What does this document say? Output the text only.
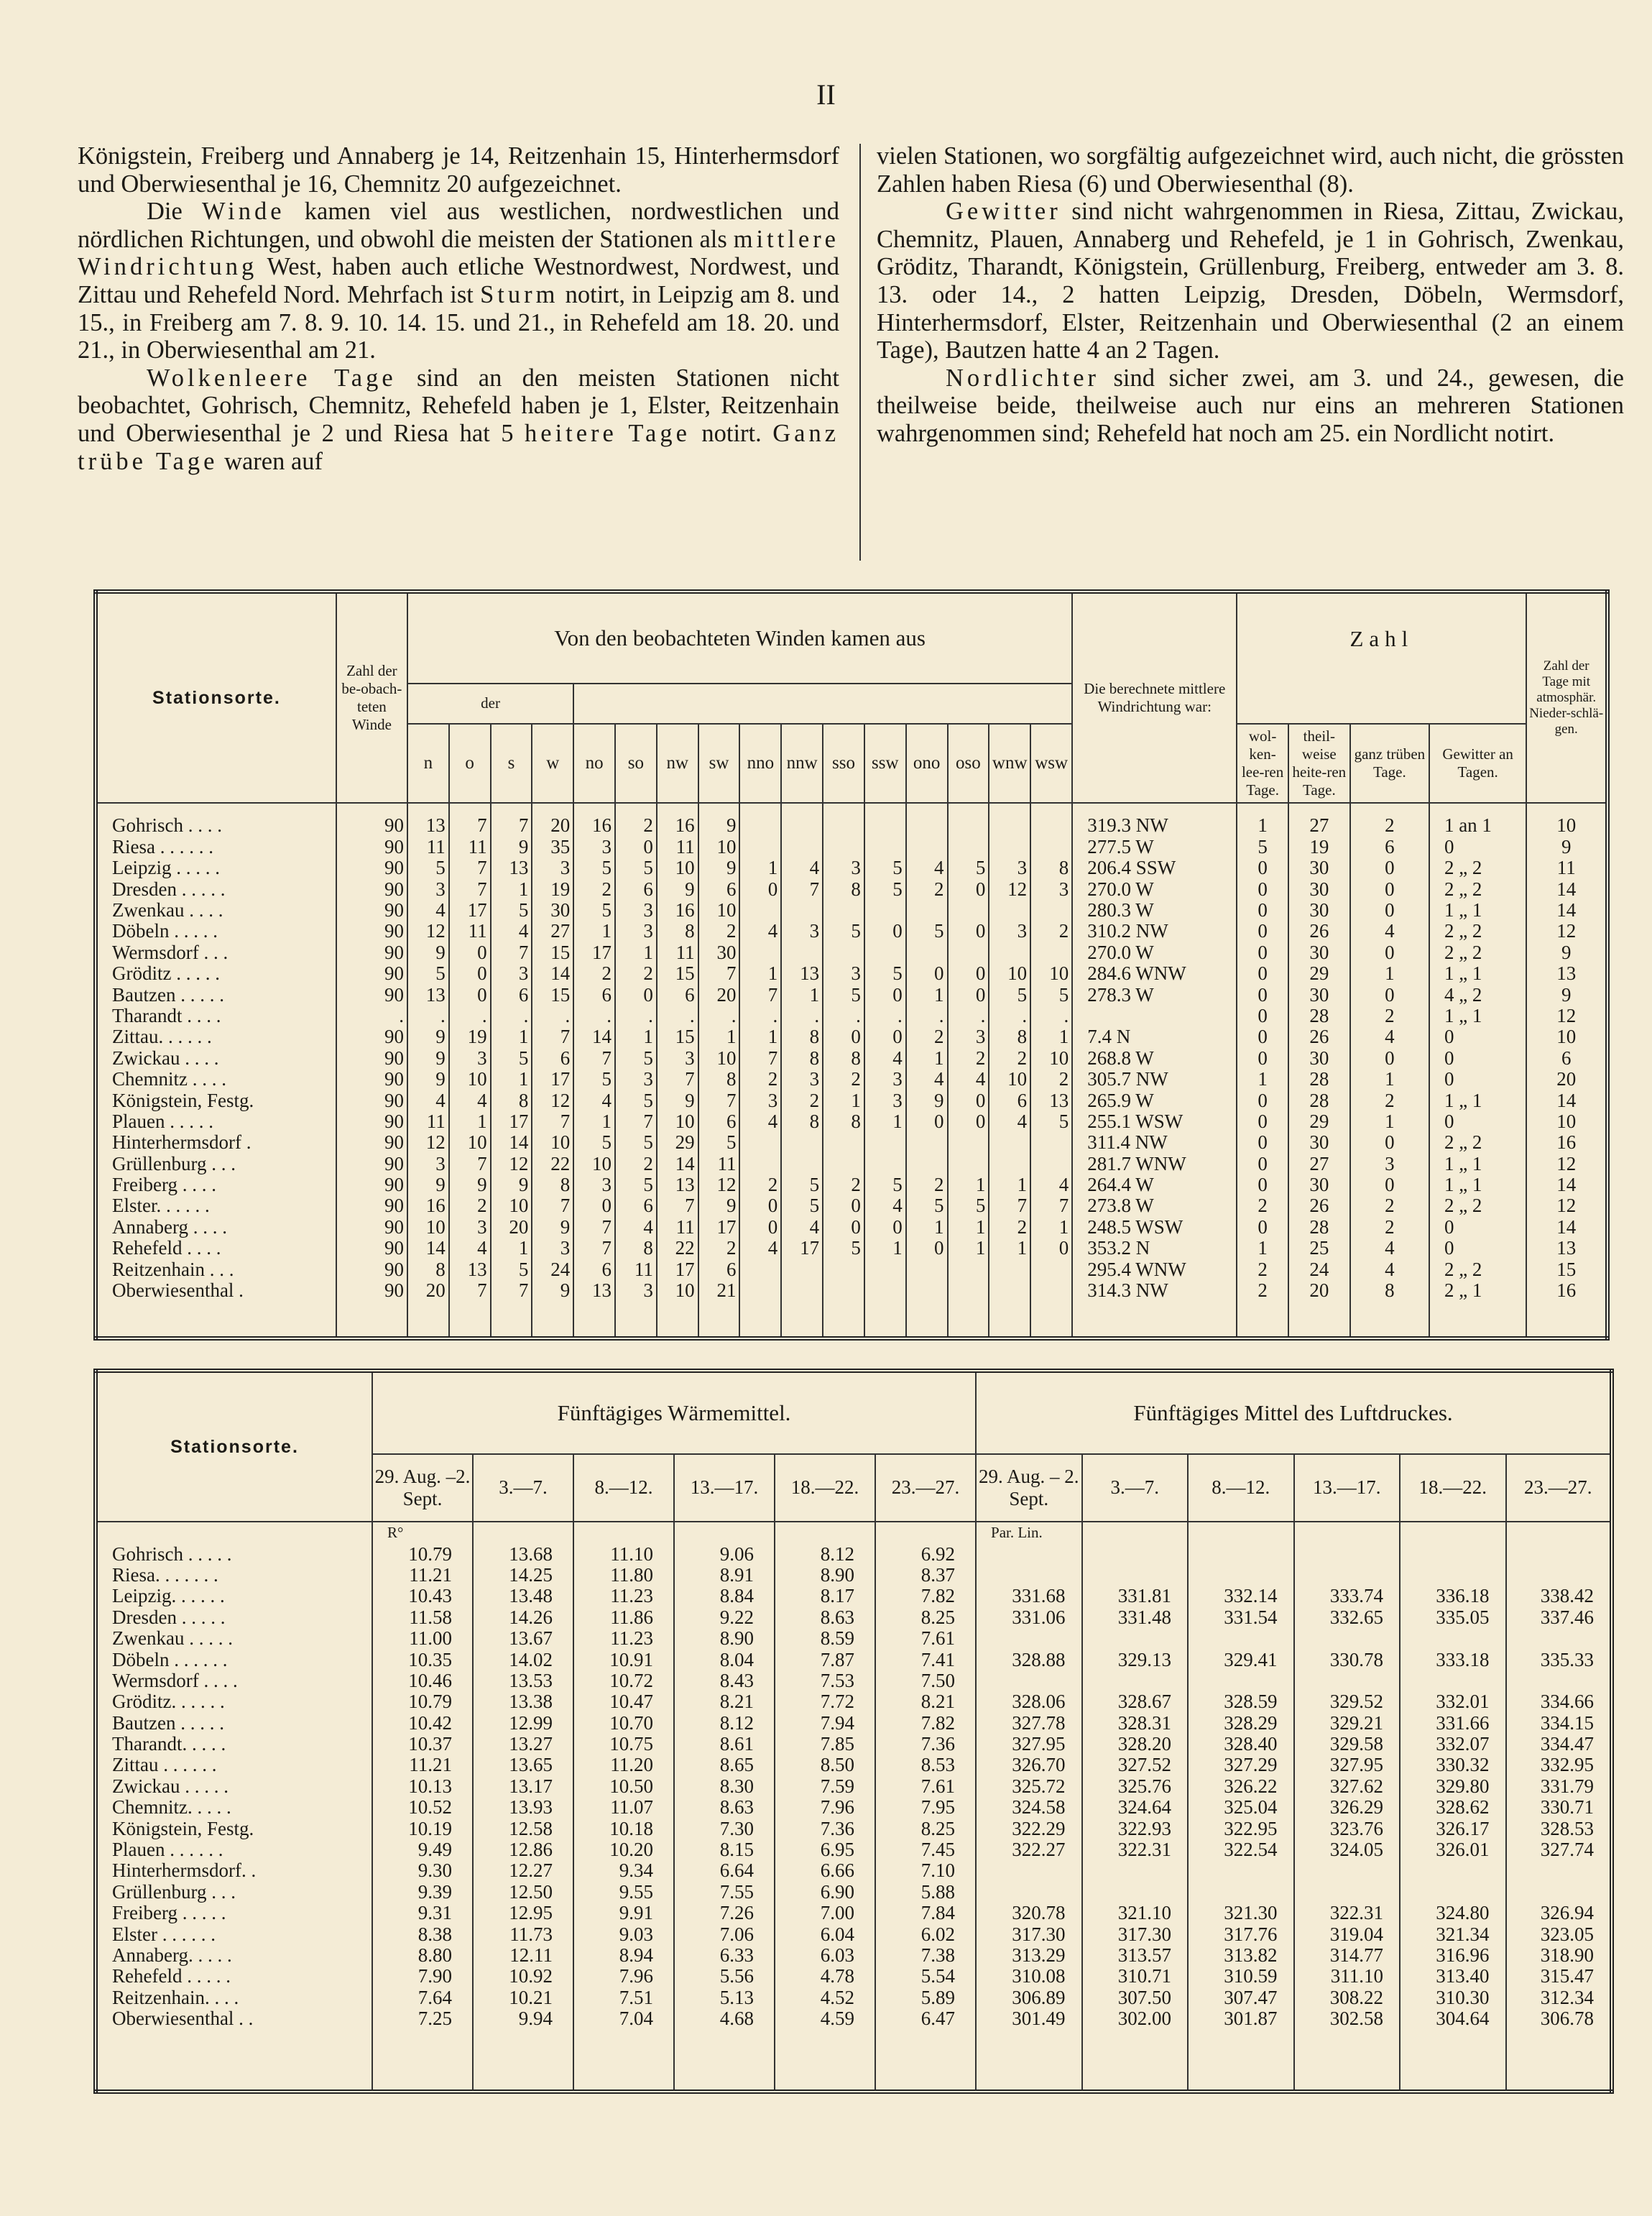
II

Königstein, Freiberg und Annaberg je 14, Reitzenhain 15, Hinterhermsdorf und Oberwiesenthal je 16, Chemnitz 20 aufgezeichnet.

Die Winde kamen viel aus westlichen, nordwestlichen und nördlichen Richtungen, und obwohl die meisten der Stationen als mittlere Windrichtung West, haben auch etliche Westnordwest, Nordwest, und Zittau und Rehefeld Nord. Mehrfach ist Sturm notirt, in Leipzig am 8. und 15., in Freiberg am 7. 8. 9. 10. 14. 15. und 21., in Rehefeld am 18. 20. und 21., in Oberwiesenthal am 21.

Wolkenleere Tage sind an den meisten Stationen nicht beobachtet, Gohrisch, Chemnitz, Rehefeld haben je 1, Elster, Reitzenhain und Oberwiesenthal je 2 und Riesa hat 5 heitere Tage notirt. Ganz trübe Tage waren auf

vielen Stationen, wo sorgfältig aufgezeichnet wird, auch nicht, die grössten Zahlen haben Riesa (6) und Oberwiesenthal (8).

Gewitter sind nicht wahrgenommen in Riesa, Zittau, Zwickau, Chemnitz, Plauen, Annaberg und Rehefeld, je 1 in Gohrisch, Zwenkau, Gröditz, Tharandt, Königstein, Grüllenburg, Freiberg, entweder am 3. 8. 13. oder 14., 2 hatten Leipzig, Dresden, Döbeln, Wermsdorf, Hinterhermsdorf, Elster, Reitzenhain und Oberwiesenthal (2 an einem Tage), Bautzen hatte 4 an 2 Tagen.

Nordlichter sind sicher zwei, am 3. und 24., gewesen, die theilweise beide, theilweise auch nur eins an mehreren Stationen wahrgenommen sind; Rehefeld hat noch am 25. ein Nordlicht notirt.

Stationsorte.	Zahl der be-obach-teten Winde	Von den beobachteten Winden kamen aus																Die berechnete mittlere Windrichtung war:	Zahl				Zahl der Tage mit atmosphär. Nieder-schlä-gen.
		der																					
		n	o	s	w	no	so	nw	sw	nno	nnw	sso	ssw	ono	oso	wnw	wsw		wol-ken-lee-ren Tage.	theil-weise heite-ren Tage.	ganz trüben Tage.	Gewitter an Tagen.	

Gohrisch . . . .	90	13	7	7	20	16	2	16	9									319.3 NW	1	27	2	1 an 1	10
Riesa . . . . . .	90	11	11	9	35	3	0	11	10									277.5 W	5	19	6	0	9
Leipzig . . . . .	90	5	7	13	3	5	5	10	9	1	4	3	5	4	5	3	8	206.4 SSW	0	30	0	2 „ 2	11
Dresden . . . . .	90	3	7	1	19	2	6	9	6	0	7	8	5	2	0	12	3	270.0 W	0	30	0	2 „ 2	14
Zwenkau . . . .	90	4	17	5	30	5	3	16	10									280.3 W	0	30	0	1 „ 1	14
Döbeln . . . . .	90	12	11	4	27	1	3	8	2	4	3	5	0	5	0	3	2	310.2 NW	0	26	4	2 „ 2	12
Wermsdorf . . .	90	9	0	7	15	17	1	11	30									270.0 W	0	30	0	2 „ 2	9
Gröditz . . . . .	90	5	0	3	14	2	2	15	7	1	13	3	5	0	0	10	10	284.6 WNW	0	29	1	1 „ 1	13
Bautzen . . . . .	90	13	0	6	15	6	0	6	20	7	1	5	0	1	0	5	5	278.3 W	0	30	0	4 „ 2	9
Tharandt . . . .	.	.	.	.	.	.	.	.	.	.	.	.	.	.	.	.	.		0	28	2	1 „ 1	12
Zittau. . . . . .	90	9	19	1	7	14	1	15	1	1	8	0	0	2	3	8	1	7.4 N	0	26	4	0	10
Zwickau . . . .	90	9	3	5	6	7	5	3	10	7	8	8	4	1	2	2	10	268.8 W	0	30	0	0	6
Chemnitz . . . .	90	9	10	1	17	5	3	7	8	2	3	2	3	4	4	10	2	305.7 NW	1	28	1	0	20
Königstein, Festg.	90	4	4	8	12	4	5	9	7	3	2	1	3	9	0	6	13	265.9 W	0	28	2	1 „ 1	14
Plauen . . . . .	90	11	1	17	7	1	7	10	6	4	8	8	1	0	0	4	5	255.1 WSW	0	29	1	0	10
Hinterhermsdorf .	90	12	10	14	10	5	5	29	5									311.4 NW	0	30	0	2 „ 2	16
Grüllenburg . . .	90	3	7	12	22	10	2	14	11									281.7 WNW	0	27	3	1 „ 1	12
Freiberg . . . .	90	9	9	9	8	3	5	13	12	2	5	2	5	2	1	1	4	264.4 W	0	30	0	1 „ 1	14
Elster. . . . . .	90	16	2	10	7	0	6	7	9	0	5	0	4	5	5	7	7	273.8 W	2	26	2	2 „ 2	12
Annaberg . . . .	90	10	3	20	9	7	4	11	17	0	4	0	0	1	1	2	1	248.5 WSW	0	28	2	0	14
Rehefeld . . . .	90	14	4	1	3	7	8	22	2	4	17	5	1	0	1	1	0	353.2 N	1	25	4	0	13
Reitzenhain . . .	90	8	13	5	24	6	11	17	6									295.4 WNW	2	24	4	2 „ 2	15
Oberwiesenthal .	90	20	7	7	9	13	3	10	21									314.3 NW	2	20	8	2 „ 1	16

Stationsorte.	Fünftägiges Wärmemittel.						Fünftägiges Mittel des Luftdruckes.					
	29. Aug. –2. Sept.	3.—7.	8.—12.	13.—17.	18.—22.	23.—27.	29. Aug. – 2. Sept.	3.—7.	8.—12.	13.—17.	18.—22.	23.—27.
	R°						Par. Lin.					
Gohrisch . . . . .	10.79	13.68	11.10	9.06	8.12	6.92						
Riesa. . . . . . .	11.21	14.25	11.80	8.91	8.90	8.37						
Leipzig. . . . . .	10.43	13.48	11.23	8.84	8.17	7.82	331.68	331.81	332.14	333.74	336.18	338.42
Dresden . . . . .	11.58	14.26	11.86	9.22	8.63	8.25	331.06	331.48	331.54	332.65	335.05	337.46
Zwenkau . . . . .	11.00	13.67	11.23	8.90	8.59	7.61						
Döbeln . . . . . .	10.35	14.02	10.91	8.04	7.87	7.41	328.88	329.13	329.41	330.78	333.18	335.33
Wermsdorf . . . .	10.46	13.53	10.72	8.43	7.53	7.50						
Gröditz. . . . . .	10.79	13.38	10.47	8.21	7.72	8.21	328.06	328.67	328.59	329.52	332.01	334.66
Bautzen . . . . .	10.42	12.99	10.70	8.12	7.94	7.82	327.78	328.31	328.29	329.21	331.66	334.15
Tharandt. . . . .	10.37	13.27	10.75	8.61	7.85	7.36	327.95	328.20	328.40	329.58	332.07	334.47
Zittau . . . . . .	11.21	13.65	11.20	8.65	8.50	8.53	326.70	327.52	327.29	327.95	330.32	332.95
Zwickau . . . . .	10.13	13.17	10.50	8.30	7.59	7.61	325.72	325.76	326.22	327.62	329.80	331.79
Chemnitz. . . . .	10.52	13.93	11.07	8.63	7.96	7.95	324.58	324.64	325.04	326.29	328.62	330.71
Königstein, Festg.	10.19	12.58	10.18	7.30	7.36	8.25	322.29	322.93	322.95	323.76	326.17	328.53
Plauen . . . . . .	9.49	12.86	10.20	8.15	6.95	7.45	322.27	322.31	322.54	324.05	326.01	327.74
Hinterhermsdorf. .	9.30	12.27	9.34	6.64	6.66	7.10						
Grüllenburg . . .	9.39	12.50	9.55	7.55	6.90	5.88						
Freiberg . . . . .	9.31	12.95	9.91	7.26	7.00	7.84	320.78	321.10	321.30	322.31	324.80	326.94
Elster . . . . . .	8.38	11.73	9.03	7.06	6.04	6.02	317.30	317.30	317.76	319.04	321.34	323.05
Annaberg. . . . .	8.80	12.11	8.94	6.33	6.03	7.38	313.29	313.57	313.82	314.77	316.96	318.90
Rehefeld . . . . .	7.90	10.92	7.96	5.56	4.78	5.54	310.08	310.71	310.59	311.10	313.40	315.47
Reitzenhain. . . .	7.64	10.21	7.51	5.13	4.52	5.89	306.89	307.50	307.47	308.22	310.30	312.34
Oberwiesenthal . .	7.25	9.94	7.04	4.68	4.59	6.47	301.49	302.00	301.87	302.58	304.64	306.78
